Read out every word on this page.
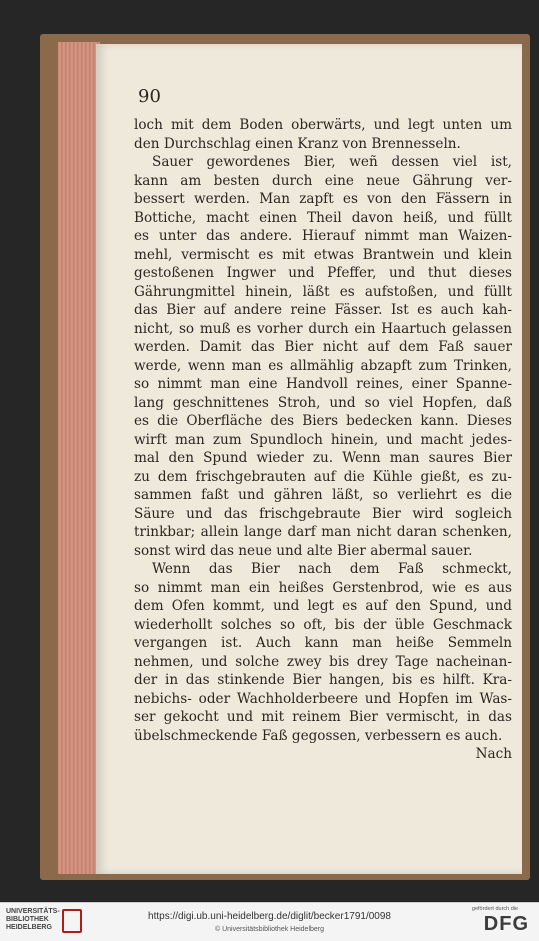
90
loch mit dem Boden oberwärts, und legt unten um
den Durchschlag einen Kranz von Brennesseln.
Sauer gewordenes Bier, weñ dessen viel ist,
kann am besten durch eine neue Gährung ver-
bessert werden. Man zapft es von den Fässern in
Bottiche, macht einen Theil davon heiß, und füllt
es unter das andere. Hierauf nimmt man Waizen-
mehl, vermischt es mit etwas Brantwein und klein
gestoßenen Ingwer und Pfeffer, und thut dieses
Gährungmittel hinein, läßt es aufstoßen, und füllt
das Bier auf andere reine Fässer. Ist es auch kah-
nicht, so muß es vorher durch ein Haartuch gelassen
werden. Damit das Bier nicht auf dem Faß sauer
werde, wenn man es allmählig abzapft zum Trinken,
so nimmt man eine Handvoll reines, einer Spanne-
lang geschnittenes Stroh, und so viel Hopfen, daß
es die Oberfläche des Biers bedecken kann. Dieses
wirft man zum Spundloch hinein, und macht jedes-
mal den Spund wieder zu. Wenn man saures Bier
zu dem frischgebrauten auf die Kühle gießt, es zu-
sammen faßt und gähren läßt, so verliehrt es die
Säure und das frischgebraute Bier wird sogleich
trinkbar; allein lange darf man nicht daran schenken,
sonst wird das neue und alte Bier abermal sauer.
Wenn das Bier nach dem Faß schmeckt,
so nimmt man ein heißes Gerstenbrod, wie es aus
dem Ofen kommt, und legt es auf den Spund, und
wiederhollt solches so oft, bis der üble Geschmack
vergangen ist. Auch kann man heiße Semmeln
nehmen, und solche zwey bis drey Tage nacheinan-
der in das stinkende Bier hangen, bis es hilft. Kra-
nebichs- oder Wachholderbeere und Hopfen im Was-
ser gekocht und mit reinem Bier vermischt, in das
übelschmeckende Faß gegossen, verbessern es auch.
Nach
UNIVERSITÄTS-
BIBLIOTHEK
HEIDELBERG
https://digi.ub.uni-heidelberg.de/diglit/becker1791/0098
© Universitätsbibliothek Heidelberg
gefördert durch die
DFG
